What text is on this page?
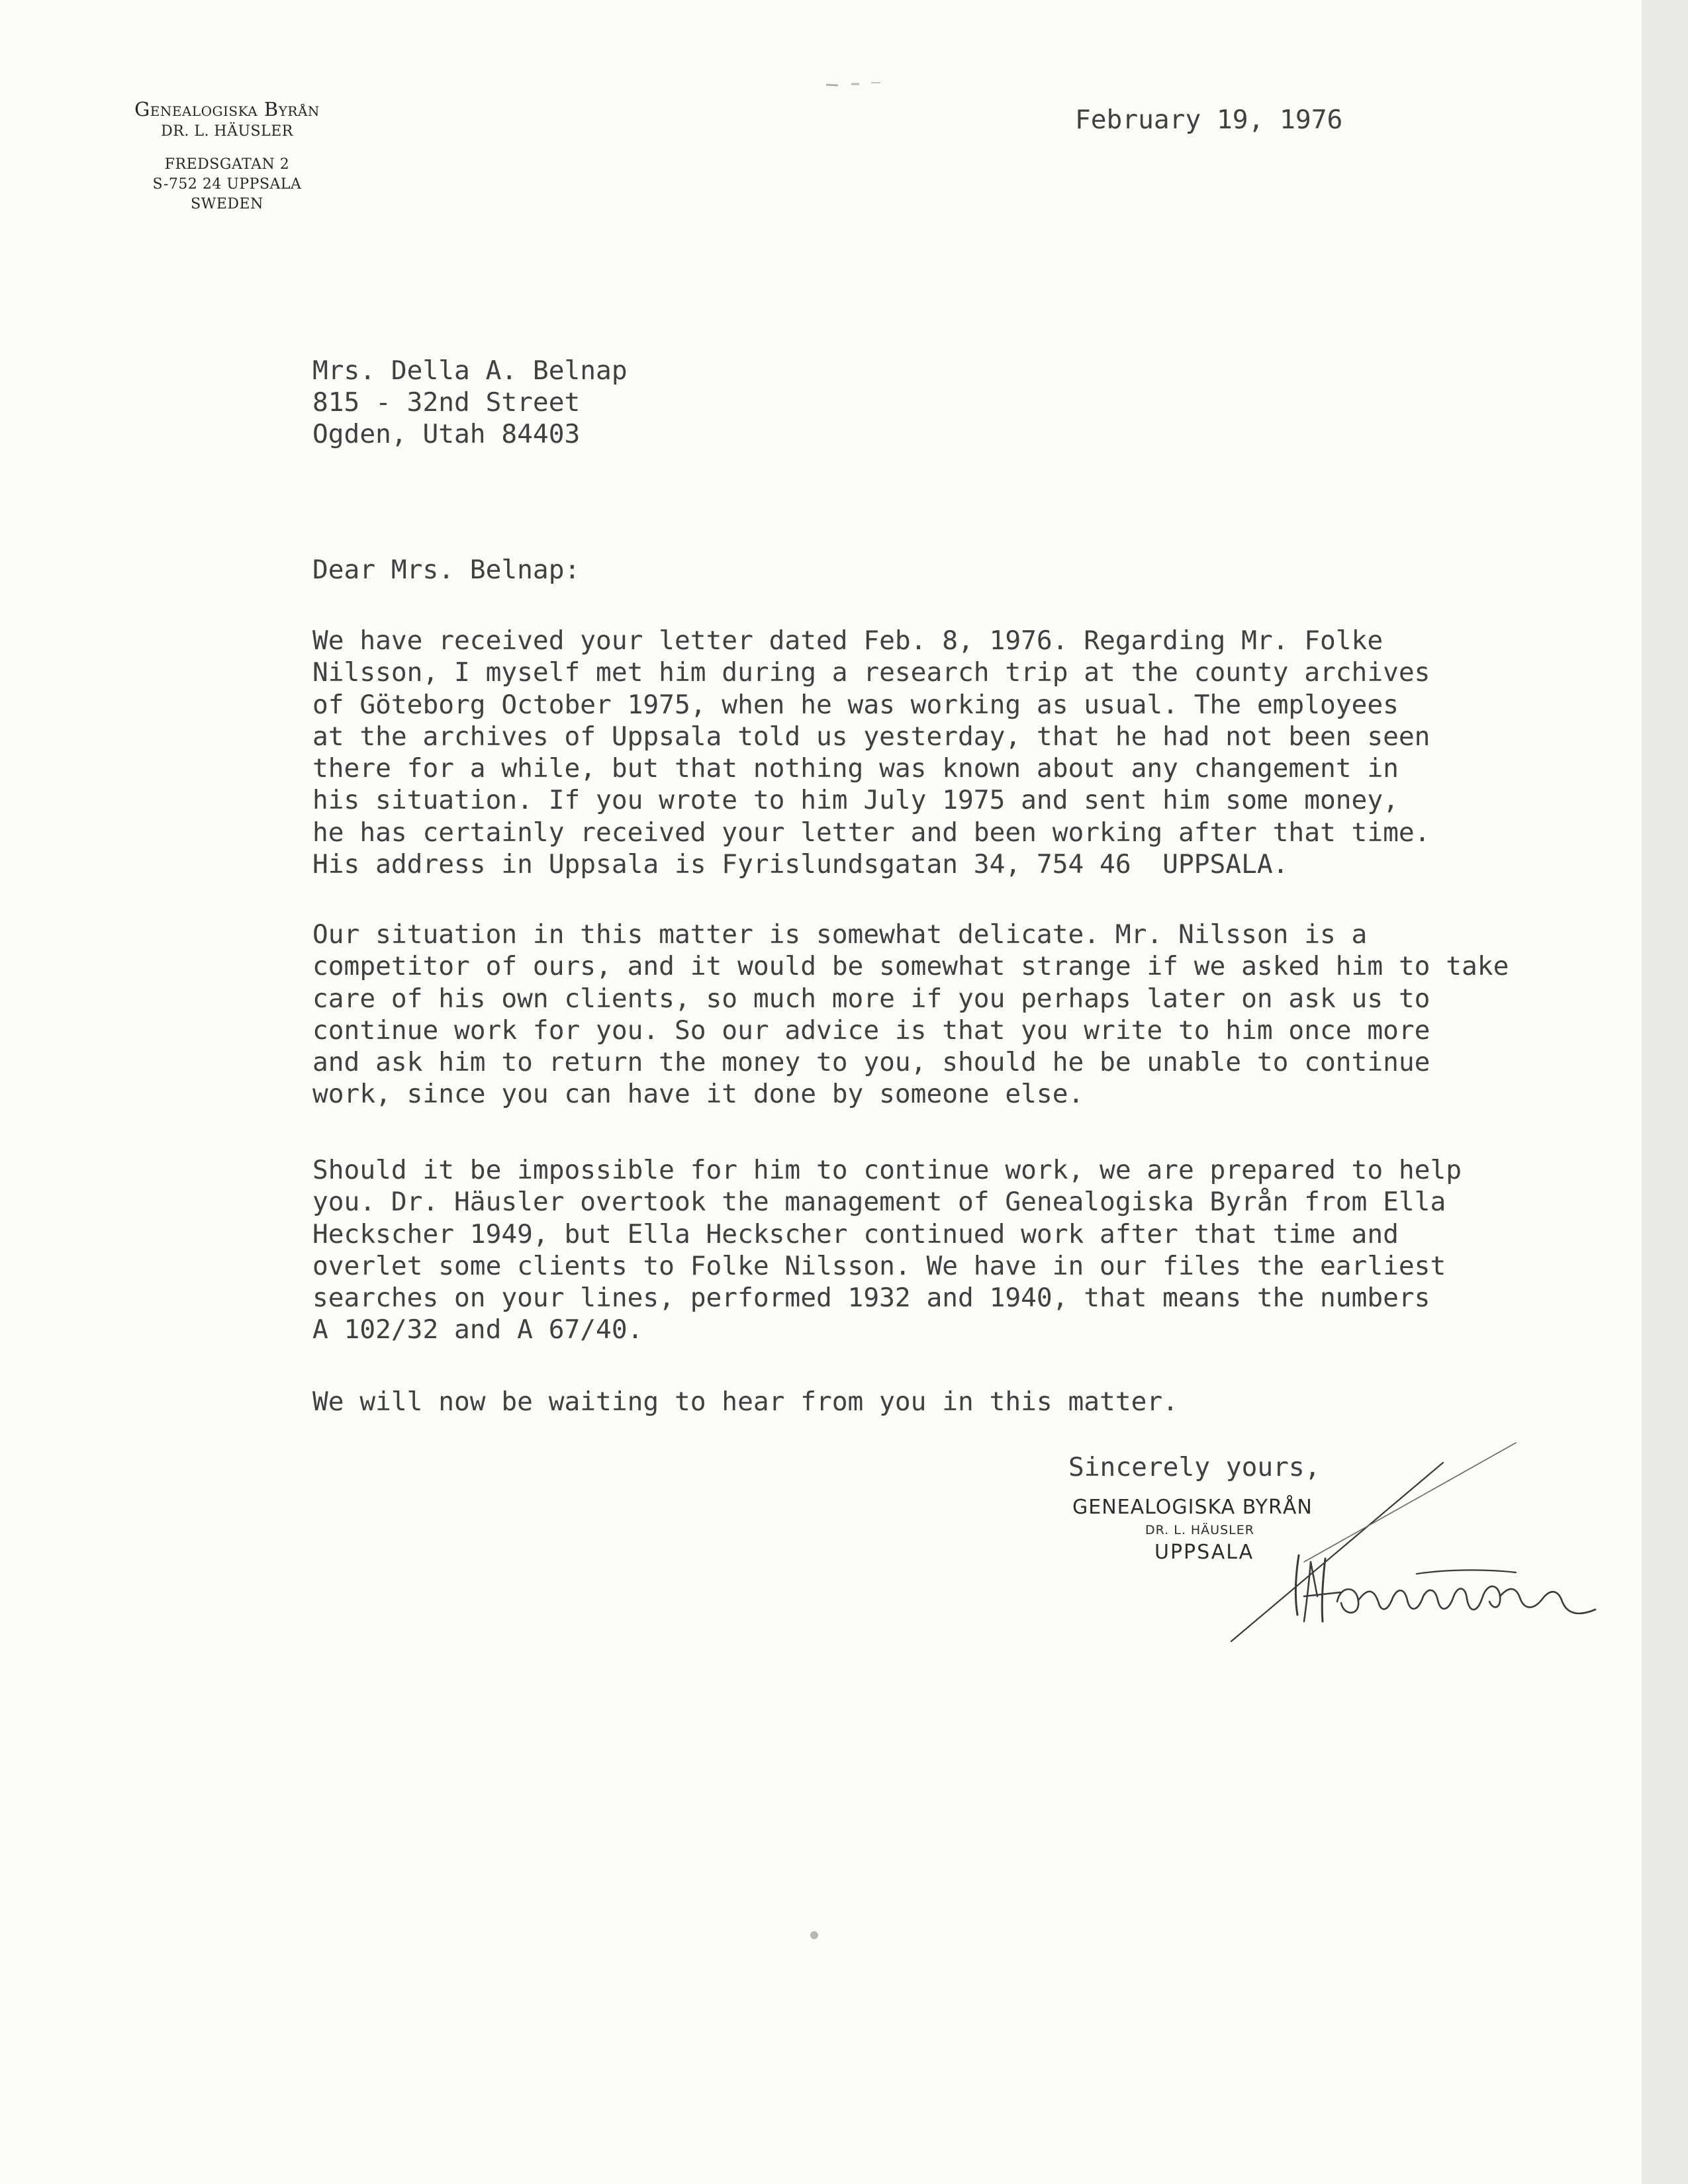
Genealogiska Byrån
DR. L. HÄUSLER
FREDSGATAN 2
S-752 24 UPPSALA
SWEDEN
February 19, 1976
Mrs. Della A. Belnap
815 - 32nd Street
Ogden, Utah 84403
Dear Mrs. Belnap:
We have received your letter dated Feb. 8, 1976. Regarding Mr. Folke
Nilsson, I myself met him during a research trip at the county archives
of Göteborg October 1975, when he was working as usual. The employees
at the archives of Uppsala told us yesterday, that he had not been seen
there for a while, but that nothing was known about any changement in
his situation. If you wrote to him July 1975 and sent him some money,
he has certainly received your letter and been working after that time.
His address in Uppsala is Fyrislundsgatan 34, 754 46  UPPSALA.
Our situation in this matter is somewhat delicate. Mr. Nilsson is a
competitor of ours, and it would be somewhat strange if we asked him to take
care of his own clients, so much more if you perhaps later on ask us to
continue work for you. So our advice is that you write to him once more
and ask him to return the money to you, should he be unable to continue
work, since you can have it done by someone else.
Should it be impossible for him to continue work, we are prepared to help
you. Dr. Häusler overtook the management of Genealogiska Byrån from Ella
Heckscher 1949, but Ella Heckscher continued work after that time and
overlet some clients to Folke Nilsson. We have in our files the earliest
searches on your lines, performed 1932 and 1940, that means the numbers
A 102/32 and A 67/40.
We will now be waiting to hear from you in this matter.
Sincerely yours,
GENEALOGISKA BYRÅN
DR. L. HÄUSLER
UPPSALA
Häusler
